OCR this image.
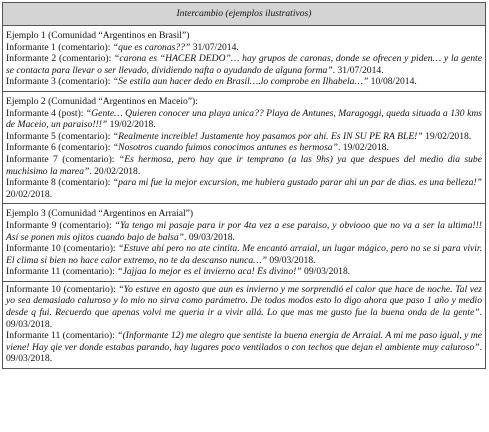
Intercambio (ejemplos ilustrativos)

Ejemplo 1 (Comunidad “Argentinos en Brasil”)

Informante 1 (comentario): “que es caronas??” 31/07/2014.

Informante 2 (comentario): “carona es “HACER DEDO”… hay grupos de caronas, donde se ofrecen y piden… y la gente se contacta para llevar o ser llevado, dividiendo nafta o ayudando de alguna forma”. 31/07/2014.

Informante 3 (comentario): “Se estila aun hacer dedo en Brasil….lo comprobe en Ilhabela…” 10/08/2014.

Ejemplo 2 (Comunidad “Argentinos en Maceio”):

Informante 4 (post): “Gente… Quieren conocer una playa unica?? Playa de Antunes, Maragoggi, queda situada a 130 kms de Maceio, un paraiso!!!” 19/02/2018.

Informante 5 (comentario): “Realmente increible! Justamente hoy pasamos por ahí. Es IN SU PE RA BLE!” 19/02/2018.

Informante 6 (comentario): “Nosotros cuando fuimos conocimos antunes es hermosa”. 19/02/2018.

Informante 7 (comentario): “Es hermosa, pero hay que ir temprano (a las 9hs) ya que despues del medio dia sube muchisimo la marea”. 20/02/2018.

Informante 8 (comentario): “para mi fue la mejor excursion, me hubiera gustado parar ahi un par de dias. es una belleza!” 20/02/2018.

Ejemplo 3 (Comunidad “Argentinos en Arraial”)

Informante 9 (comentario): “Ya tengo mi pasaje para ir por 4ta vez a ese paraiso, y obviooo que no va a ser la ultima!!! Así se ponen mis ojitos cuando bajo de balsa”. 09/03/2018.

Informante 10 (comentario): “Estuve ahí pero no ate cintita. Me encantó arraial, un lugar mágico, pero no se si para vivir. El clima si bien no hace calor extremo, no te da descanso nunca…” 09/03/2018.

Informante 11 (comentario): “Jajjaa lo mejor es el invierno aca! Es divino!” 09/03/2018.

Informante 10 (comentario): “Yo estuve en agosto que aun es invierno y me sorprendió el calor que hace de noche. Tal vez yo sea demasiado caluroso y lo mio no sirva como parámetro. De todos modos esto lo digo ahora que paso 1 año y medio desde q fui. Recuerdo que apenas volvi me queria ir a vivir allá. Lo que mas me gusto fue la buena onda de la gente”. 09/03/2018.

Informante 11 (comentario): “(Informante 12) me alegro que sentiste la buena energia de Arraial. A mi me paso igual, y me viene! Hay qie ver donde estabas parando, hay lugares poco ventilados o con techos que dejan el ambiente muy caluroso”. 09/03/2018.
